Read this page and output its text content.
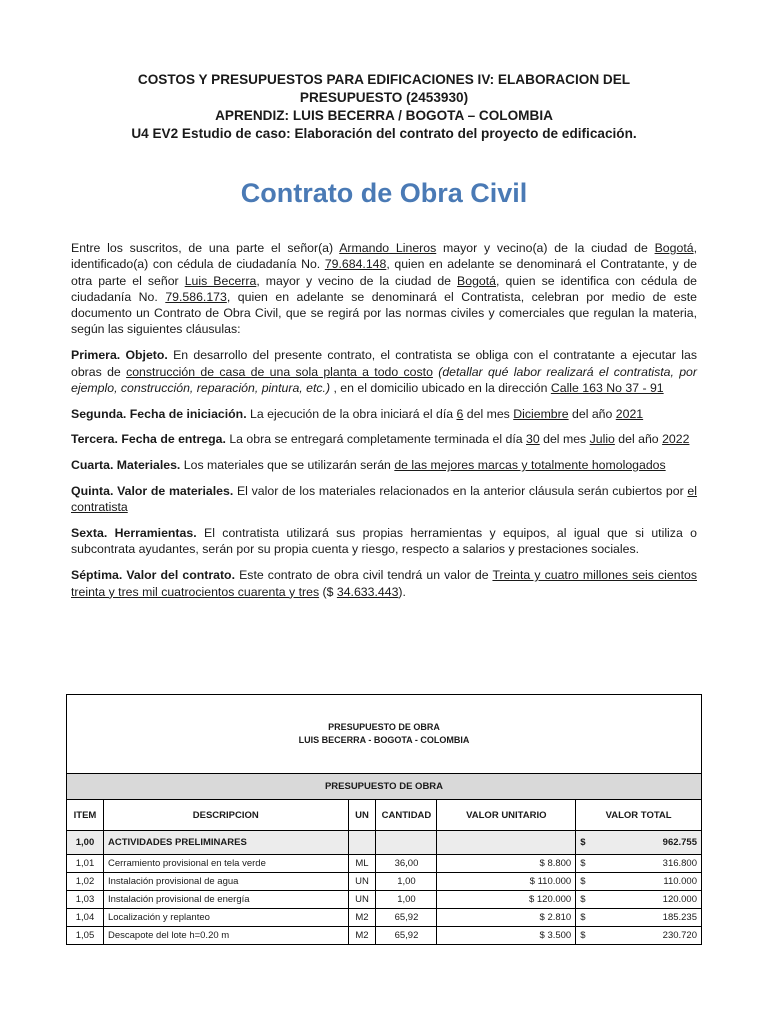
COSTOS Y PRESUPUESTOS PARA EDIFICACIONES IV: ELABORACION DEL
PRESUPUESTO (2453930)
APRENDIZ: LUIS BECERRA / BOGOTA – COLOMBIA
U4 EV2 Estudio de caso: Elaboración del contrato del proyecto de edificación.
Contrato de Obra Civil

Entre los suscritos, de una parte el señor(a) Armando Lineros mayor y vecino(a) de la ciudad de Bogotá, identificado(a) con cédula de ciudadanía No. 79.684.148, quien en adelante se denominará el Contratante, y de otra parte el señor Luis Becerra, mayor y vecino de la ciudad de Bogotá, quien se identifica con cédula de ciudadanía No. 79.586.173, quien en adelante se denominará el Contratista, celebran por medio de este documento un Contrato de Obra Civil, que se regirá por las normas civiles y comerciales que regulan la materia, según las siguientes cláusulas:

Primera. Objeto. En desarrollo del presente contrato, el contratista se obliga con el contratante a ejecutar las obras de construcción de casa de una sola planta a todo costo (detallar qué labor realizará el contratista, por ejemplo, construcción, reparación, pintura, etc.) , en el domicilio ubicado en la dirección Calle 163 No 37 - 91

Segunda. Fecha de iniciación. La ejecución de la obra iniciará el día 6 del mes Diciembre del año 2021

Tercera. Fecha de entrega. La obra se entregará completamente terminada el día 30 del mes Julio del año 2022

Cuarta. Materiales. Los materiales que se utilizarán serán de las mejores marcas y totalmente homologados

Quinta. Valor de materiales. El valor de los materiales relacionados en la anterior cláusula serán cubiertos por el contratista

Sexta. Herramientas. El contratista utilizará sus propias herramientas y equipos, al igual que si utiliza o subcontrata ayudantes, serán por su propia cuenta y riesgo, respecto a salarios y prestaciones sociales.

Séptima. Valor del contrato. Este contrato de obra civil tendrá un valor de Treinta y cuatro millones seis cientos treinta y tres mil cuatrocientos cuarenta y tres ($ 34.633.443).

PRESUPUESTO DE OBRA
LUIS BECERRA - BOGOTA - COLOMBIA					

PRESUPUESTO DE OBRA					
ITEM	DESCRIPCION	UN	CANTIDAD	VALOR UNITARIO	VALOR TOTAL
1,00	ACTIVIDADES PRELIMINARES				$ 962.755

1,01	Cerramiento provisional en tela verde	ML	36,00	$ 8.800	$ 316.800

1,02	Instalación provisional de agua	UN	1,00	$ 110.000	$ 110.000

1,03	Instalación provisional de energía	UN	1,00	$ 120.000	$ 120.000

1,04	Localización y replanteo	M2	65,92	$ 2.810	$ 185.235

1,05	Descapote del lote h=0.20 m	M2	65,92	$ 3.500	$ 230.720
